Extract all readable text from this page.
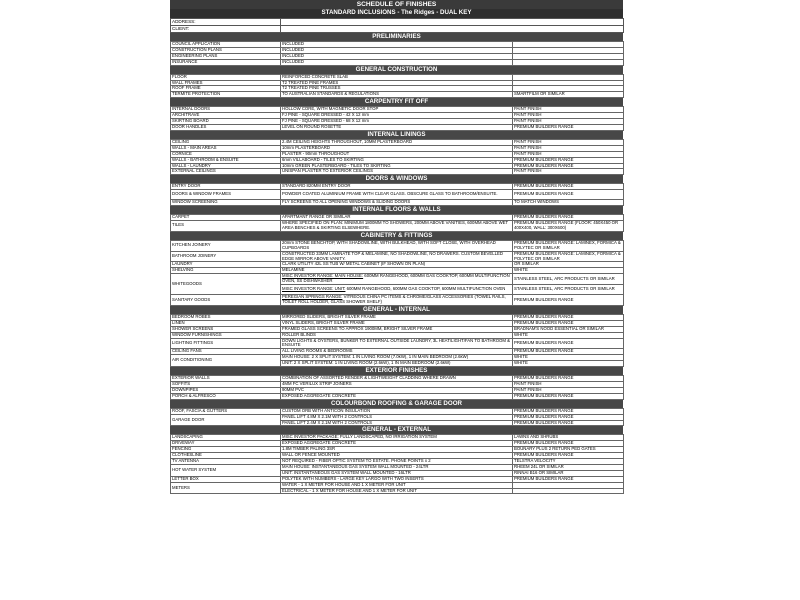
SCHEDULE OF FINISHES
STANDARD INCLUSIONS - The Ridges - DUAL KEY
ADDRESS:	
CLIENT:	
PRELIMINARIES
COUNCIL APPLICATION	INCLUDED	
CONSTRUCTION PLANS	INCLUDED	
ENGINEERING PLANS	INCLUDED	
INSURANCE	INCLUDED	
GENERAL CONSTRUCTION
FLOOR	REINFORCED CONCRETE SLAB	
WALL FRAMES	T2 TREATED PINE FRAMES	
ROOF FRAME	T2 TREATED PINE TRUSSES	
TERMITE PROTECTION	TO AUSTRALIAN STANDARDS & REGULATIONS	SMARTFILM OR SIMILAR
CARPENTRY FIT OFF
INTERNAL DOORS	HOLLOW CORE, WITH MAGNETIC DOOR STOP	PAINT FINISH
ARCHITRAVE	FJ PINE - SQUARE DRESSED - 42 X 12 mm	PAINT FINISH
SKIRTING BOARD	FJ PINE - SQUARE DRESSED - 68 X 12 mm	PAINT FINISH
DOOR HANDLES	LEVEL ON ROUND ROSETTE	PREMIUM BUILDERS RANGE
INTERNAL LININGS
CEILING	2.4M CEILING HEIGHTS THROUGHOUT, 10MM PLASTERBOARD	PAINT FINISH
WALLS - MAIN AREAS	10mm PLASTERBOARD	PAINT FINISH
CORNICE	PLASTER - 90mm THROUGHOUT	PAINT FINISH
WALLS - BATHROOM & ENSUITE	6mm VILLABOARD - TILES TO SKIRTING	PREMIUM BUILDERS RANGE
WALLS - LAUNDRY	10mm GREEN PLASTERBOARD - TILES TO SKIRTING	PREMIUM BUILDERS RANGE
EXTERNAL CEILINGS	UNISPAN PLASTER TO EXTERIOR CEILINGS	PAINT FINISH
DOORS & WINDOWS
ENTRY DOOR	STANDARD 820MM ENTRY DOOR	PREMIUM BUILDERS RANGE
DOORS & WINDOW FRAMES	POWDER COATED ALUMINIUM FRAME WITH CLEAR GLASS. OBSCURE GLASS TO BATHROOM/ENSUITE.	PREMIUM BUILDERS RANGE
WINDOW SCREENING	FLY SCREENS TO ALL OPENING WINDOWS & SLIDING DOORS	TO MATCH WINDOWS
INTERNAL FLOORS & WALLS
CARPET	APARTMANT RANGE OR SIMILAR	PREMIUM BUILDERS RANGE
TILES	WHERE SPECIFIED ON PLAN: MINIMUM 1800MM TO SHOWERS, 200MM ABOVE VANITIES, 600MM ABOVE WET AREA BENCHES & SKIRTING ELSEWHERE.	PREMIUM BUILDERS RANGE (FLOOR: 450X450 OR 400X400, WALL: 300X600)
CABINETRY & FITTINGS
KITCHEN JOINERY	20mm STONE BENCHTOP, WITH SHADOWLINE, WITH BULKHEAD, WITH SOFT CLOSE, WITH OVERHEAD CUPBOARDS	PREMIUM BUILDERS RANGE: LAMINEX, FORMICA & POLYTEC OR SIMILAR
BATHROOM JOINERY	CONSTRUCTED 33MM LAMINATE TOP & MELAMINE, NO SHADOWLINE, NO DRAWERS. CUSTOM BEVELLED EDGE MIRROR ABOVE VANITY.	PREMIUM BUILDERS RANGE: LAMINEX, FORMICA & POLYTEC OR SIMILAR
LAUNDRY	CLARK UTILITY 42L SS TUB W/ METAL CABINET (IF SHOWN ON PLAN)	OR SIMILAR
SHELVING	MELAMINE	WHITE
WHITEGOODS	MISC INVESTOR RANGE: MAIN HOUSE: 600MM RANGEHOOD, 600MM GAS COOKTOP, 600MM MULTIFUNCTION OVEN, SS DISHWASHER	STAINLESS STEEL, ARC PRODUCTS OR SIMILAR
	MISC INVESTOR RANGE: UNIT: 600MM RANGEHOOD, 600MM GAS COOKTOP, 600MM MULTIFUNCTION OVEN	STAINLESS STEEL, ARC PRODUCTS OR SIMILAR
SANITARY GOODS	PEREGIAN SPRINGS RANGE: VITREOUS CHINA PC ITEMS & CHROME/GLASS ACCESSORIES (TOWEL RAILS, TOILET ROLL HOLDER, GLASS SHOWER SHELF)	PREMIUM BUILDERS RANGE
GENERAL - INTERNAL
BEDROOM ROBES	MIRRORED SLIDERS, BRIGHT SILVER FRAME	PREMIUM BUILDERS RANGE
LINEN	VINYL SLIDERS, BRIGHT SILVER FRAME	PREMIUM BUILDERS RANGE
SHOWER SCREENS	FRAMED GLASS SCREENS TO APPROX 1900MM, BRIGHT SILVER FRAME	BRADNAM'S NOOD ESSENTIAL OR SIMILAR
WINDOW FURNISHINGS	ROLLER BLINDS	WHITE
LIGHTING FITTINGS	DOWN LIGHTS & OYSTERS, BUNKER TO EXTERNAL OUTSIDE LAUNDRY, 3L HEAT/LIGHT/FAN TO BATHROOM & ENSUITE	PREMIUM BUILDERS RANGE
CEILING FANS	ALL LIVING ROOMS & BEDROOMS	PREMIUM BUILDERS RANGE
AIR CONDITIONING	MAIN HOUSE: 2 X SPLIT SYSTEM: 1 IN LIVING ROOM (7.0kW), 1 IN MAIN BEDROOM (2.6kW)	WHITE
	UNIT: 2 X SPLIT SYSTEM: 1 IN LIVING ROOM (2.6kW), 1 IN MAIN BEDROOM (2.6kW)	WHITE
EXTERIOR FINISHES
EXTERIOR WALLS	COMBINATION OF ASSORTED RENDER & LIGHTWEIGHT CLADDING WHERE DRAWN	PREMIUM BUILDERS RANGE
SOFFITS	4MM FC VERILUX STRIP JOINERS	PAINT FINISH
DOWNPIPES	90MM PVC	PAINT FINISH
PORCH & ALFRESCO	EXPOSED AGGREGATE CONCRETE	PREMIUM BUILDERS RANGE
COLOURBOND ROOFING & GARAGE DOOR
ROOF, FASCIA & GUTTERS	CUSTOM ORB WITH ANTICON INSULATION	PREMIUM BUILDERS RANGE
GARAGE DOOR	PANEL LIFT 4.8M X 2.1M WITH 2 CONTROLS	PREMIUM BUILDERS RANGE
	PANEL LIFT 2.4M X 2.1M WITH 2 CONTROLS	PREMIUM BUILDERS RANGE
GENERAL - EXTERNAL
LANDSCAPING	MISC INVESTOR PACKAGE: FULLY LANDSCAPED, NO IRRIGATION SYSTEM	LAWNS AND SHRUBS
DRIVEWAY	EXPOSED AGGREGATE CONCRETE	PREMIUM BUILDERS RANGE
FENCING	1.8M TIMBER PALING 3SR	BOUNARY PLUS 2 RETURN PED GATES
CLOTHESLINE	WALL OR FENCE MOUNTED	PREMIUM BUILDERS RANGE
TV ANTENNA	NOT REQUIRED - FIBER OPTIC SYSTEM TO ESTATE. PHONE POINTS x 2	TELSTRA VELOCITY
HOT WATER SYSTEM	MAIN HOUSE: INSTANTANEOUS GAS SYSTEM WALL MOUNTED - 24LTR	RHEEM 24L OR SIMILAR
	UNIT: INSTANTANEOUS GAS SYSTEM WALL MOUNTED - 16LTR	RINNAI B16 OR SIMILAR
LETTER BOX	POLYTEK WITH NUMBERS - LARGE KEY LARGO WITH TWO INSERTS	PREMIUM BUILDERS RANGE
METERS	WATER - 1 X METER FOR HOUSE AND 1 X METER FOR UNIT	
	ELECTRICAL - 1 X METER FOR HOUSE AND 1 X METER FOR UNIT	
